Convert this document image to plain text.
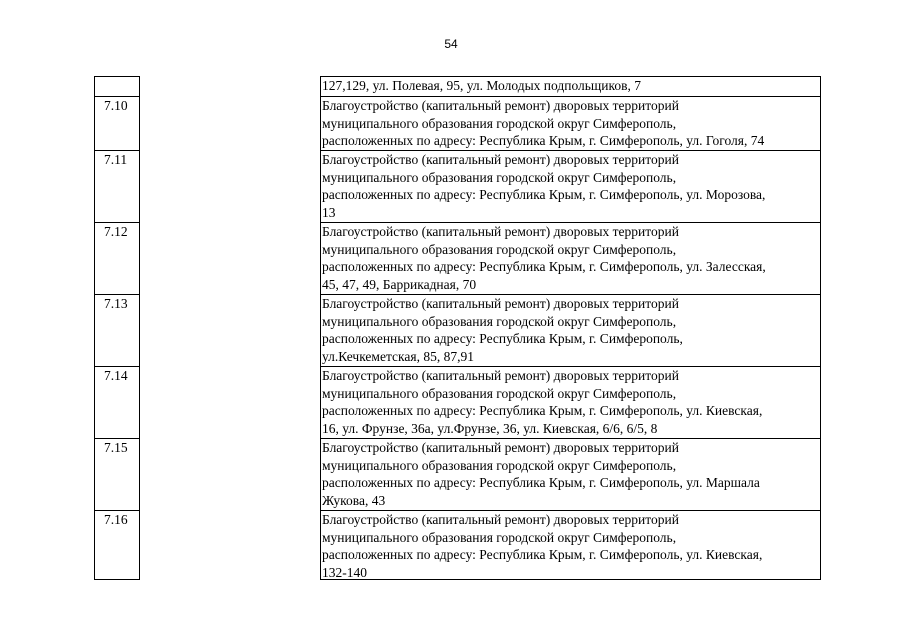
54
7.10
7.11
7.12
7.13
7.14
7.15
7.16
127,129, ул. Полевая, 95, ул. Молодых подпольщиков, 7
Благоустройство (капитальный ремонт) дворовых территорий
муниципального образования городской округ Симферополь,
расположенных по адресу: Республика Крым, г. Симферополь, ул. Гоголя, 74
Благоустройство (капитальный ремонт) дворовых территорий
муниципального образования городской округ Симферополь,
расположенных по адресу: Республика Крым, г. Симферополь, ул. Морозова,
13
Благоустройство (капитальный ремонт) дворовых территорий
муниципального образования городской округ Симферополь,
расположенных по адресу: Республика Крым, г. Симферополь, ул. Залесская,
45, 47, 49, Баррикадная, 70
Благоустройство (капитальный ремонт) дворовых территорий
муниципального образования городской округ Симферополь,
расположенных по адресу: Республика Крым, г. Симферополь,
ул.Кечкеметская, 85, 87,91
Благоустройство (капитальный ремонт) дворовых территорий
муниципального образования городской округ Симферополь,
расположенных по адресу: Республика Крым, г. Симферополь, ул. Киевская,
16, ул. Фрунзе, 36а, ул.Фрунзе, 36, ул. Киевская, 6/6, 6/5, 8
Благоустройство (капитальный ремонт) дворовых территорий
муниципального образования городской округ Симферополь,
расположенных по адресу: Республика Крым, г. Симферополь, ул. Маршала
Жукова, 43
Благоустройство (капитальный ремонт) дворовых территорий
муниципального образования городской округ Симферополь,
расположенных по адресу: Республика Крым, г. Симферополь, ул. Киевская,
132-140
